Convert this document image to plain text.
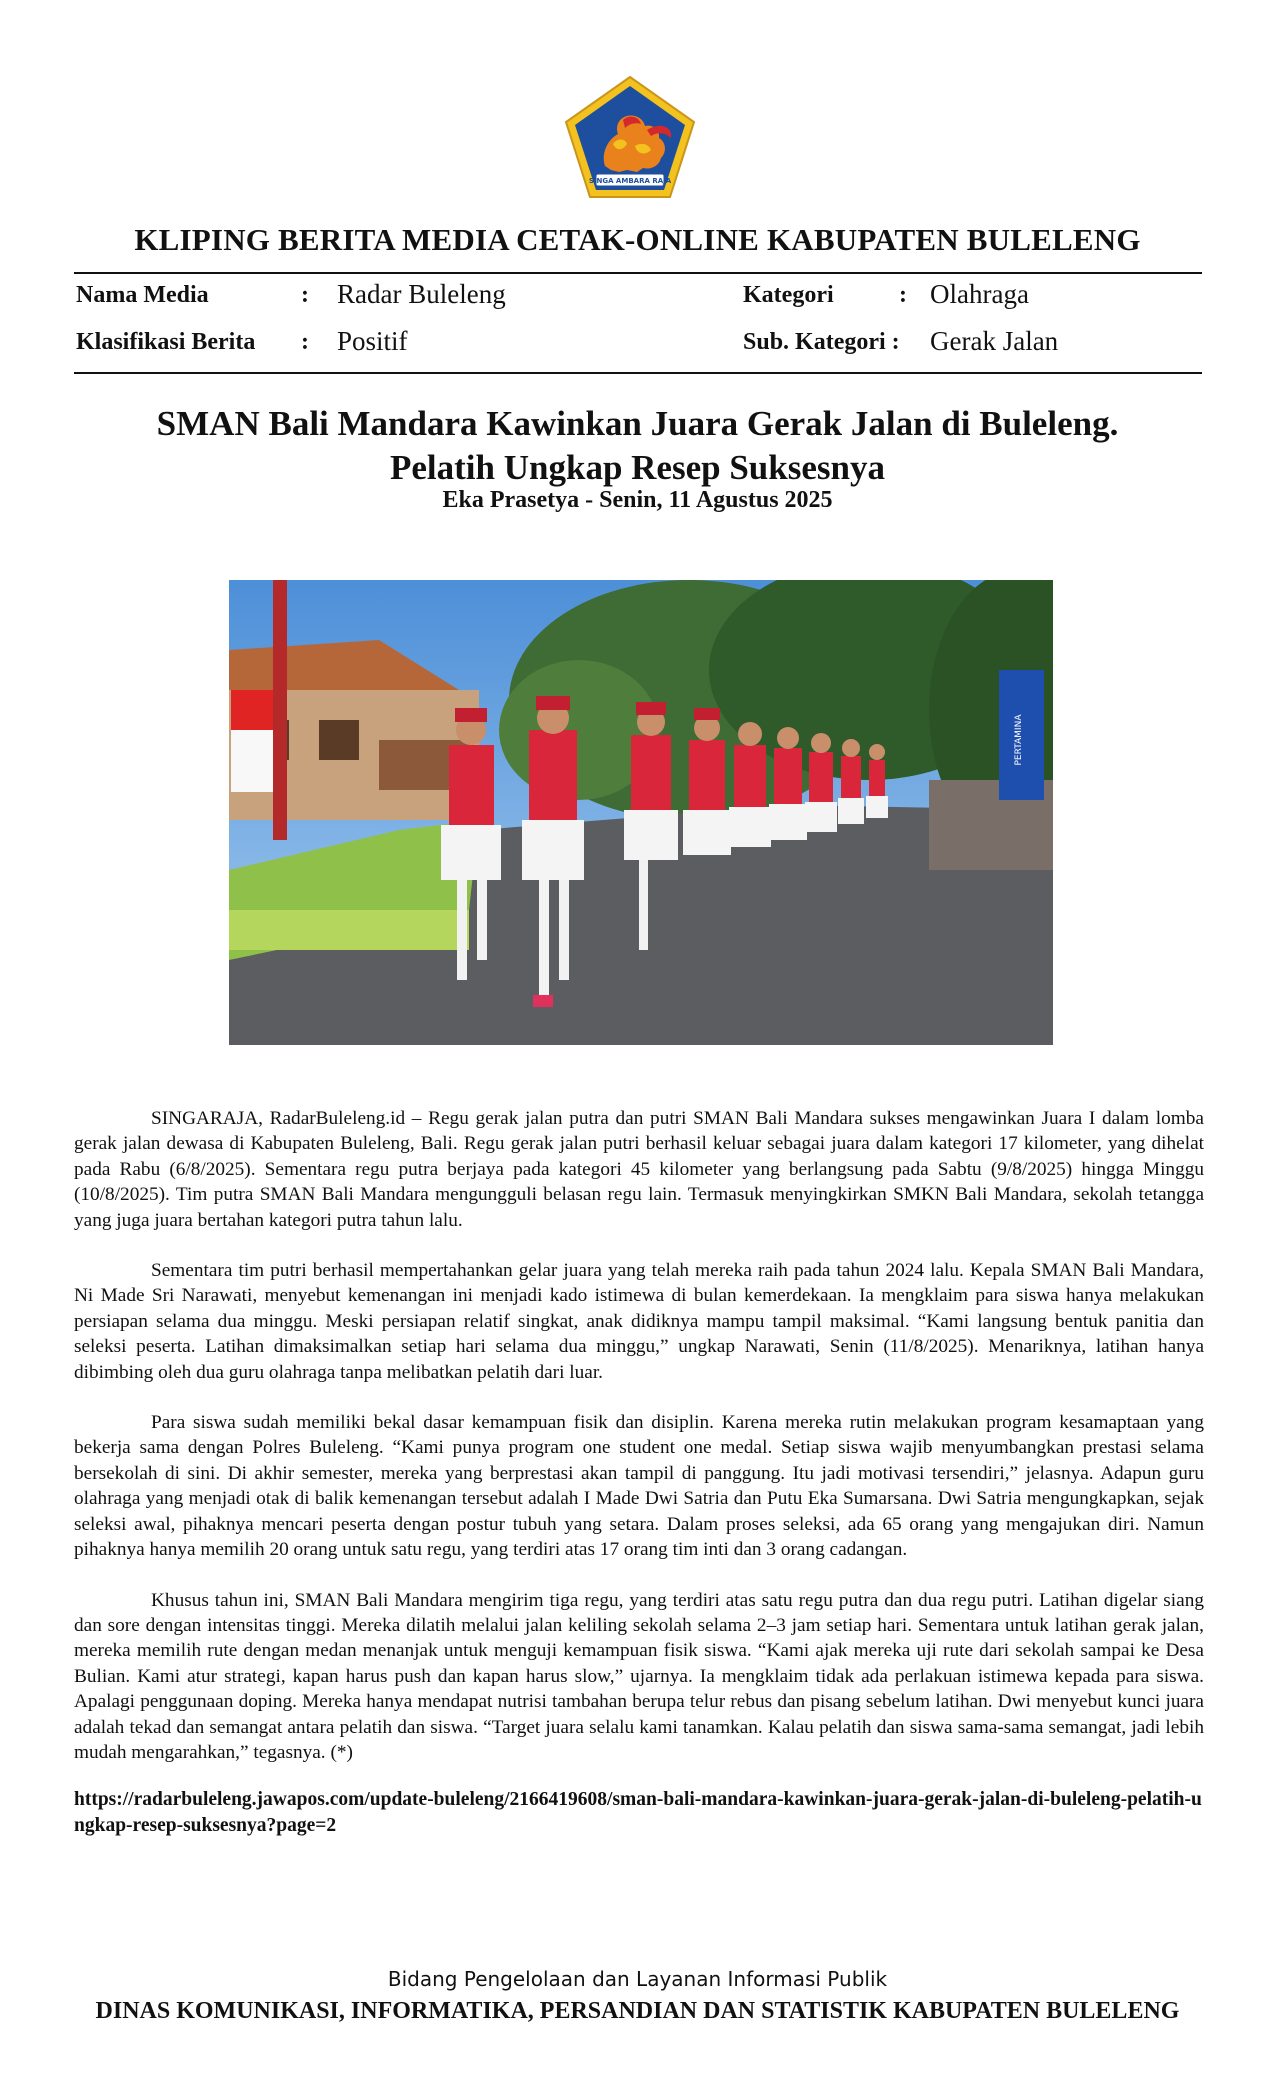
SINGA AMBARA RAJA
KLIPING BERITA MEDIA CETAK-ONLINE KABUPATEN BULELENG
Nama Media	: Radar Buleleng	Kategori	: Olahraga
Klasifikasi Berita : Positif	Sub. Kategori : Gerak Jalan
SMAN Bali Mandara Kawinkan Juara Gerak Jalan di Buleleng.
Pelatih Ungkap Resep Suksesnya
Eka Prasetya - Senin, 11 Agustus 2025
PERTAMINA

SINGARAJA, RadarBuleleng.id – Regu gerak jalan putra dan putri SMAN Bali Mandara sukses mengawinkan Juara I dalam lomba gerak jalan dewasa di Kabupaten Buleleng, Bali. Regu gerak jalan putri berhasil keluar sebagai juara dalam kategori 17 kilometer, yang dihelat pada Rabu (6/8/2025). Sementara regu putra berjaya pada kategori 45 kilometer yang berlangsung pada Sabtu (9/8/2025) hingga Minggu (10/8/2025). Tim putra SMAN Bali Mandara mengungguli belasan regu lain. Termasuk menyingkirkan SMKN Bali Mandara, sekolah tetangga yang juga juara bertahan kategori putra tahun lalu.

Sementara tim putri berhasil mempertahankan gelar juara yang telah mereka raih pada tahun 2024 lalu. Kepala SMAN Bali Mandara, Ni Made Sri Narawati, menyebut kemenangan ini menjadi kado istimewa di bulan kemerdekaan. Ia mengklaim para siswa hanya melakukan persiapan selama dua minggu. Meski persiapan relatif singkat, anak didiknya mampu tampil maksimal. “Kami langsung bentuk panitia dan seleksi peserta. Latihan dimaksimalkan setiap hari selama dua minggu,” ungkap Narawati, Senin (11/8/2025). Menariknya, latihan hanya dibimbing oleh dua guru olahraga tanpa melibatkan pelatih dari luar.

Para siswa sudah memiliki bekal dasar kemampuan fisik dan disiplin. Karena mereka rutin melakukan program kesamaptaan yang bekerja sama dengan Polres Buleleng. “Kami punya program one student one medal. Setiap siswa wajib menyumbangkan prestasi selama bersekolah di sini. Di akhir semester, mereka yang berprestasi akan tampil di panggung. Itu jadi motivasi tersendiri,” jelasnya. Adapun guru olahraga yang menjadi otak di balik kemenangan tersebut adalah I Made Dwi Satria dan Putu Eka Sumarsana. Dwi Satria mengungkapkan, sejak seleksi awal, pihaknya mencari peserta dengan postur tubuh yang setara. Dalam proses seleksi, ada 65 orang yang mengajukan diri. Namun pihaknya hanya memilih 20 orang untuk satu regu, yang terdiri atas 17 orang tim inti dan 3 orang cadangan.

Khusus tahun ini, SMAN Bali Mandara mengirim tiga regu, yang terdiri atas satu regu putra dan dua regu putri. Latihan digelar siang dan sore dengan intensitas tinggi. Mereka dilatih melalui jalan keliling sekolah selama 2–3 jam setiap hari. Sementara untuk latihan gerak jalan, mereka memilih rute dengan medan menanjak untuk menguji kemampuan fisik siswa. “Kami ajak mereka uji rute dari sekolah sampai ke Desa Bulian. Kami atur strategi, kapan harus push dan kapan harus slow,” ujarnya. Ia mengklaim tidak ada perlakuan istimewa kepada para siswa. Apalagi penggunaan doping. Mereka hanya mendapat nutrisi tambahan berupa telur rebus dan pisang sebelum latihan. Dwi menyebut kunci juara adalah tekad dan semangat antara pelatih dan siswa. “Target juara selalu kami tanamkan. Kalau pelatih dan siswa sama-sama semangat, jadi lebih mudah mengarahkan,” tegasnya. (*)

https://radarbuleleng.jawapos.com/update-buleleng/2166419608/sman-bali-mandara-kawinkan-juara-gerak-jalan-di-buleleng-pelatih-ungkap-resep-suksesnya?page=2
Bidang Pengelolaan dan Layanan Informasi Publik
DINAS KOMUNIKASI, INFORMATIKA, PERSANDIAN DAN STATISTIK KABUPATEN BULELENG
